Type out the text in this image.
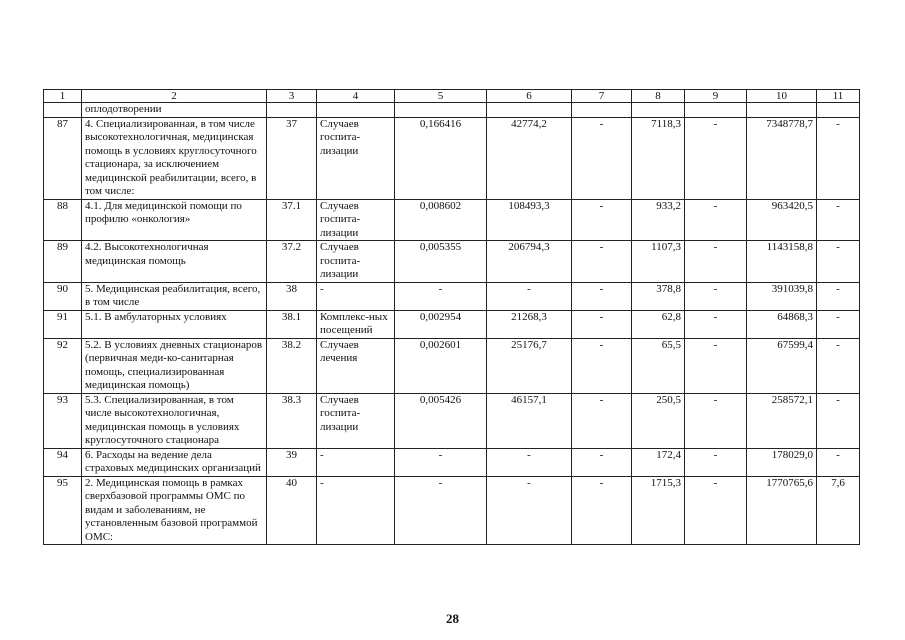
1	2	3	4	5	6	7	8	9	10	11
	оплодотворении									
87	4. Специализированная, в том числе высокотехнологичная, медицинская помощь в условиях круглосуточного стационара, за исключением медицинской реабилитации, всего, в том числе:	37	Случаев госпита-лизации	0,166416	42774,2	-	7118,3	-	7348778,7	-
88	4.1. Для медицинской помощи по профилю «онкология»	37.1	Случаев госпита-лизации	0,008602	108493,3	-	933,2	-	963420,5	-
89	4.2. Высокотехнологичная медицинская помощь	37.2	Случаев госпита-лизации	0,005355	206794,3	-	1107,3	-	1143158,8	-
90	5. Медицинская реабилитация, всего, в том числе	38	-	-	-	-	378,8	-	391039,8	-
91	5.1. В амбулаторных условиях	38.1	Комплекс-ных посещений	0,002954	21268,3	-	62,8	-	64868,3	-
92	5.2. В условиях дневных стационаров (первичная меди-ко-санитарная помощь, специализированная медицинская помощь)	38.2	Случаев лечения	0,002601	25176,7	-	65,5	-	67599,4	-
93	5.3. Специализированная, в том числе высокотехнологичная, медицинская помощь в условиях круглосуточного стационара	38.3	Случаев госпита-лизации	0,005426	46157,1	-	250,5	-	258572,1	-
94	6. Расходы на ведение дела страховых медицинских организаций	39	-	-	-	-	172,4	-	178029,0	-
95	2. Медицинская помощь в рамках сверхбазовой программы ОМС по видам и заболеваниям, не установленным базовой программой ОМС:	40	-	-	-	-	1715,3	-	1770765,6	7,6
28
